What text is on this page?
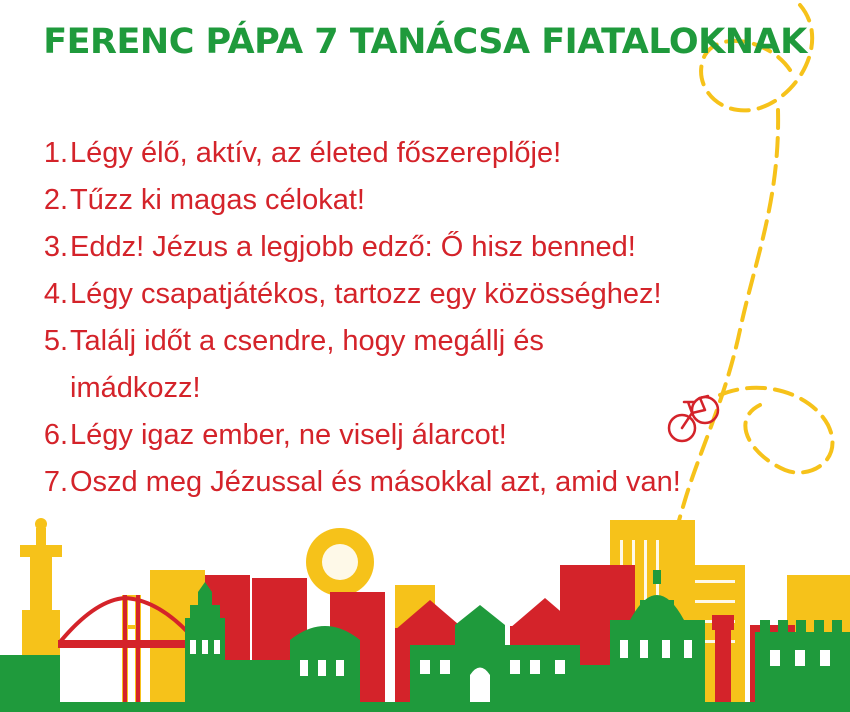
FERENC PÁPA 7 TANÁCSA FIATALOKNAK
1. Légy élő, aktív, az életed főszereplője!
2. Tűzz ki magas célokat!
3. Eddz! Jézus a legjobb edző: Ő hisz benned!
4. Légy csapatjátékos, tartozz egy közösséghez!
5. Találj időt a csendre, hogy megállj és imádkozz!
6. Légy igaz ember, ne viselj álarcot!
7. Oszd meg Jézussal és másokkal azt, amid van!
